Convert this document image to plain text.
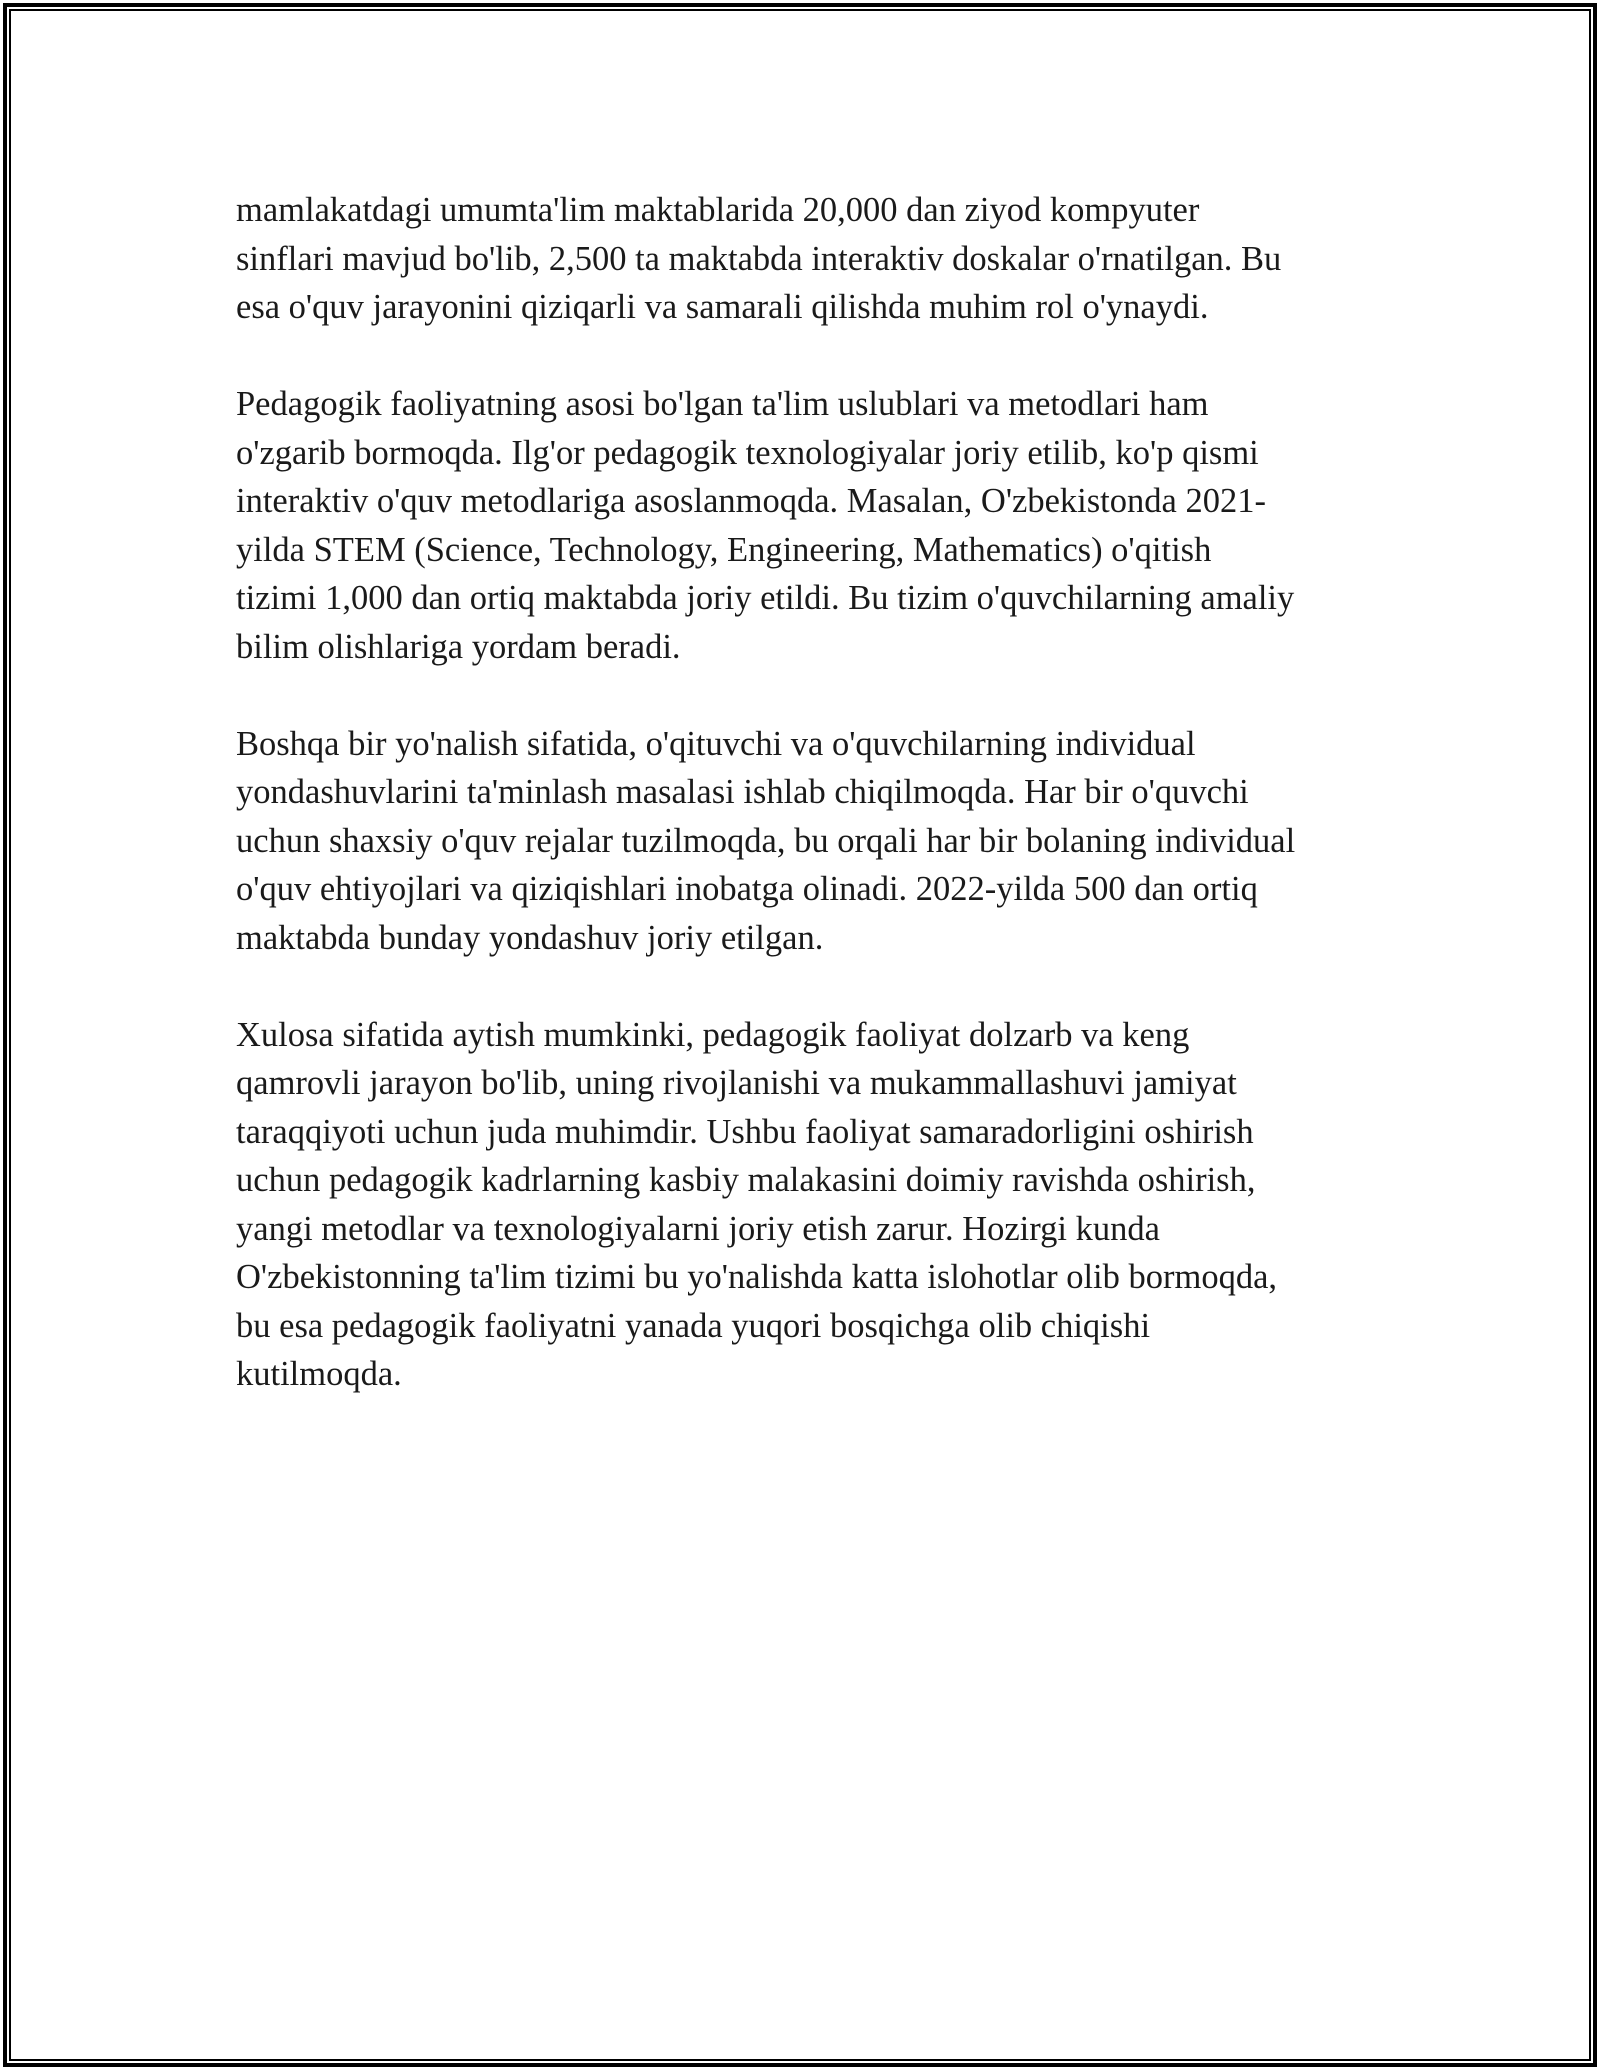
mamlakatdagi umumta'lim maktablarida 20,000 dan ziyod kompyuter
sinflari mavjud bo'lib, 2,500 ta maktabda interaktiv doskalar o'rnatilgan. Bu
esa o'quv jarayonini qiziqarli va samarali qilishda muhim rol o'ynaydi.

Pedagogik faoliyatning asosi bo'lgan ta'lim uslublari va metodlari ham
o'zgarib bormoqda. Ilg'or pedagogik texnologiyalar joriy etilib, ko'p qismi
interaktiv o'quv metodlariga asoslanmoqda. Masalan, O'zbekistonda 2021-
yilda STEM (Science, Technology, Engineering, Mathematics) o'qitish
tizimi 1,000 dan ortiq maktabda joriy etildi. Bu tizim o'quvchilarning amaliy
bilim olishlariga yordam beradi.

Boshqa bir yo'nalish sifatida, o'qituvchi va o'quvchilarning individual
yondashuvlarini ta'minlash masalasi ishlab chiqilmoqda. Har bir o'quvchi
uchun shaxsiy o'quv rejalar tuzilmoqda, bu orqali har bir bolaning individual
o'quv ehtiyojlari va qiziqishlari inobatga olinadi. 2022-yilda 500 dan ortiq
maktabda bunday yondashuv joriy etilgan.

Xulosa sifatida aytish mumkinki, pedagogik faoliyat dolzarb va keng
qamrovli jarayon bo'lib, uning rivojlanishi va mukammallashuvi jamiyat
taraqqiyoti uchun juda muhimdir. Ushbu faoliyat samaradorligini oshirish
uchun pedagogik kadrlarning kasbiy malakasini doimiy ravishda oshirish,
yangi metodlar va texnologiyalarni joriy etish zarur. Hozirgi kunda
O'zbekistonning ta'lim tizimi bu yo'nalishda katta islohotlar olib bormoqda,
bu esa pedagogik faoliyatni yanada yuqori bosqichga olib chiqishi
kutilmoqda.
